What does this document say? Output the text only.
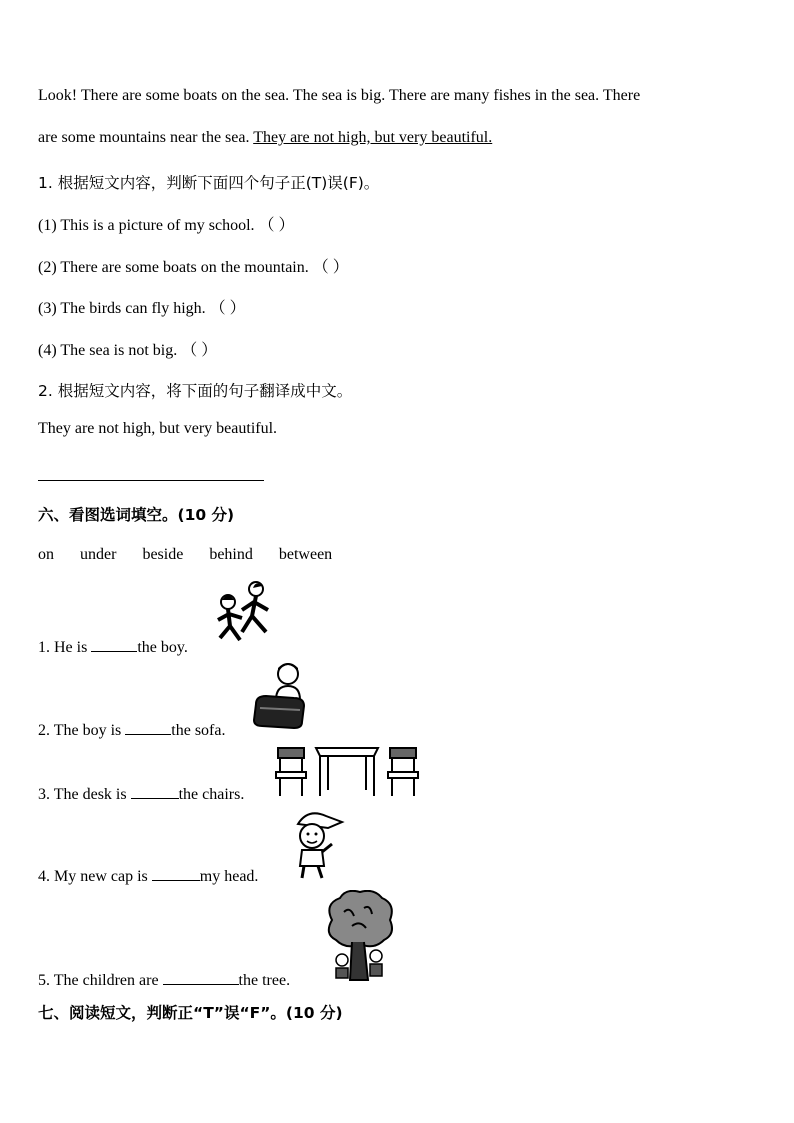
Look! There are some boats on the sea. The sea is big. There are many fishes in the sea. There
are some mountains near the sea. They are not high, but very beautiful.
1. 根据短文内容，判断下面四个句子正(T)误(F)。
(1) This is a picture of my school. （ ）
(2) There are some boats on the mountain. （ ）
(3) The birds can fly high. （ ）
(4) The sea is not big. （ ）
2. 根据短文内容，将下面的句子翻译成中文。
They are not high, but very beautiful.
六、看图选词填空。(10 分)
on under beside behind between
1. He is	the boy.
2. The boy is	the sofa.
3. The desk is	the chairs.
4. My new cap is	my head.
5. The children are	the tree.
七、阅读短文，判断正“T”误“F”。(10 分)
